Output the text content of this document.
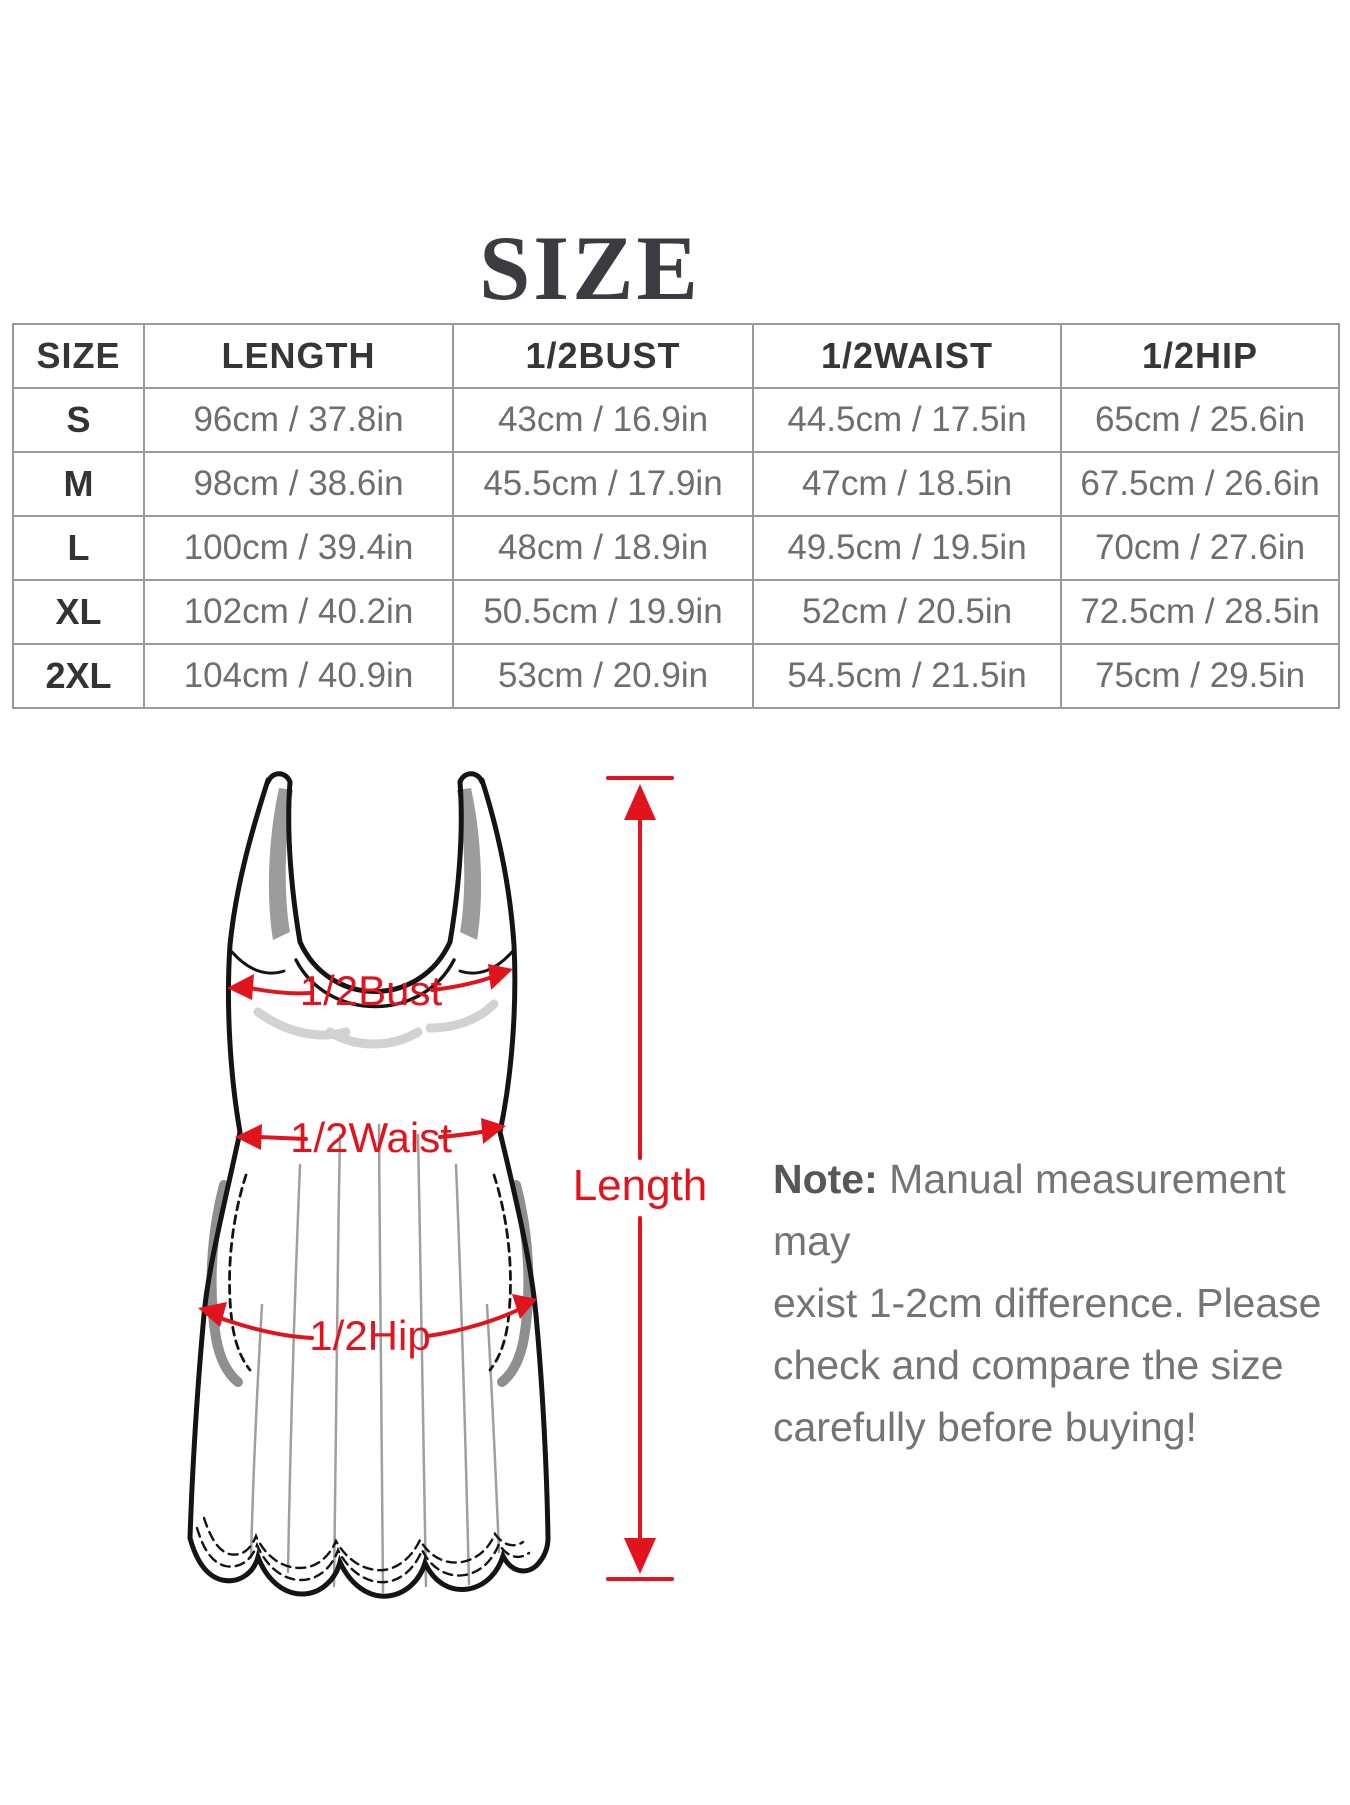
SIZE
SIZE	LENGTH	1/2BUST	1/2WAIST	1/2HIP
S	96cm / 37.8in	43cm / 16.9in	44.5cm / 17.5in	65cm / 25.6in
M	98cm / 38.6in	45.5cm / 17.9in	47cm / 18.5in	67.5cm / 26.6in
L	100cm / 39.4in	48cm / 18.9in	49.5cm / 19.5in	70cm / 27.6in
XL	102cm / 40.2in	50.5cm / 19.9in	52cm / 20.5in	72.5cm / 28.5in
2XL	104cm / 40.9in	53cm / 20.9in	54.5cm / 21.5in	75cm / 29.5in
1/2Bust
1/2Waist
1/2Hip
Length Note: Manual measurement may
exist 1-2cm difference. Please
check and compare the size
carefully before buying!
